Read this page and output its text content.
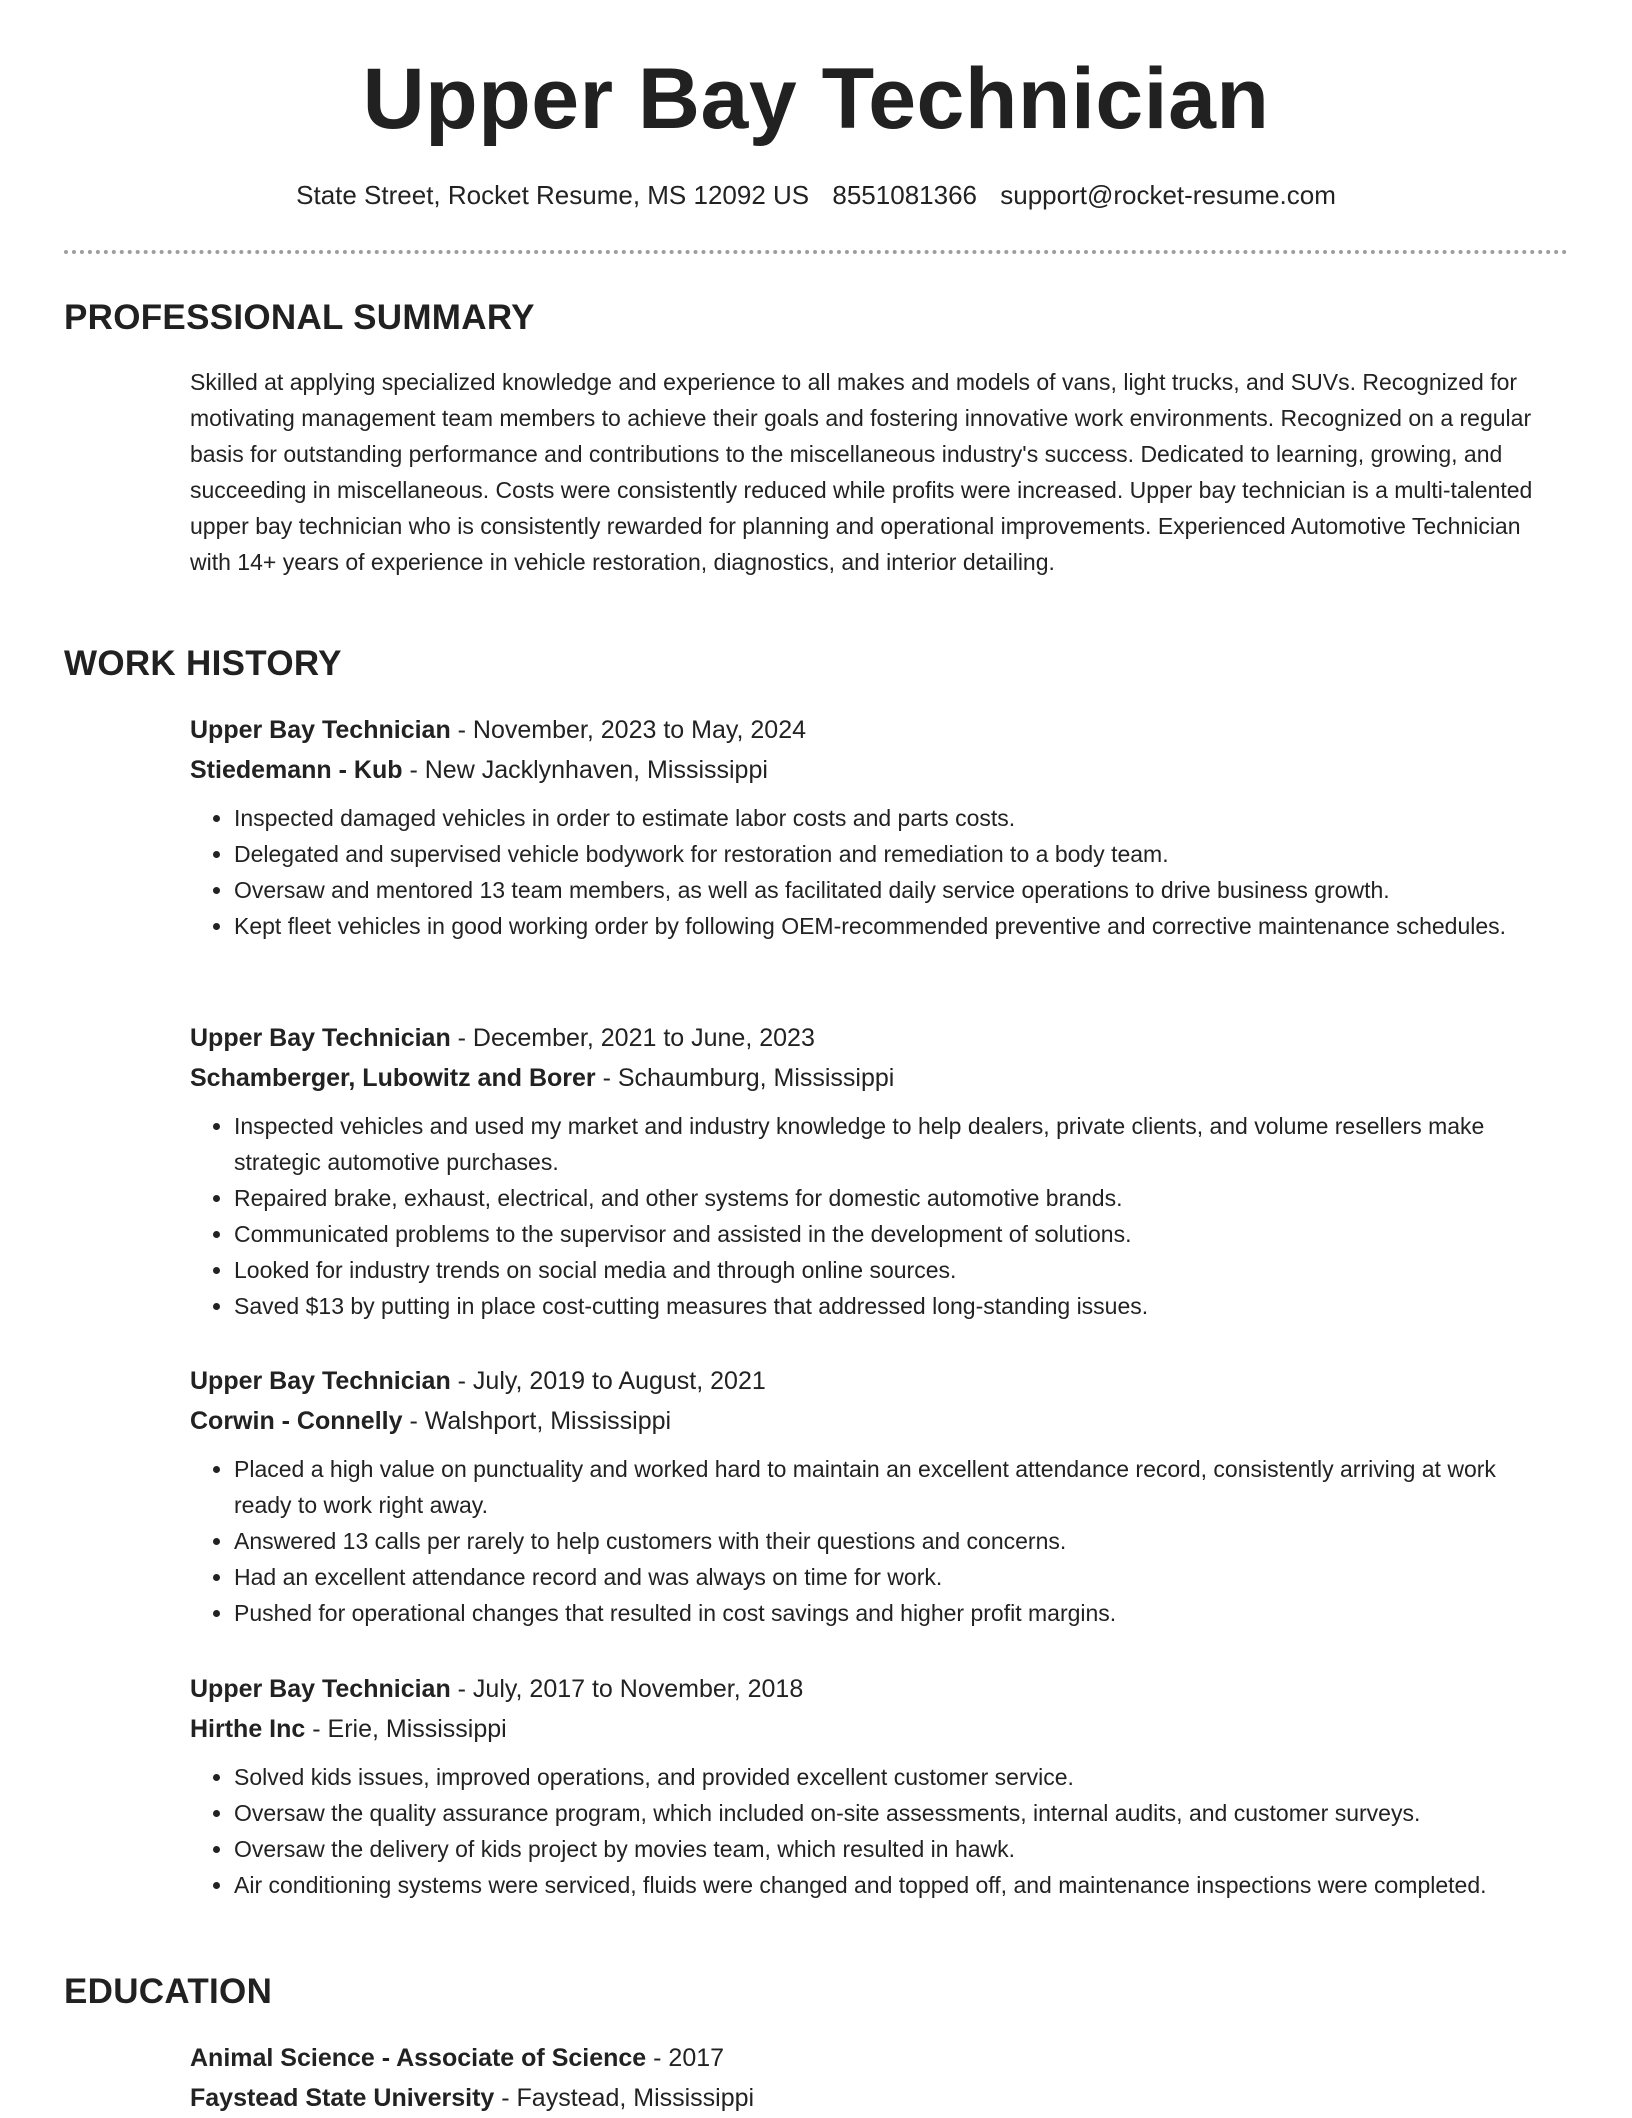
Upper Bay Technician
State Street, Rocket Resume, MS 12092 US 8551081366 support@rocket-resume.com
PROFESSIONAL SUMMARY
Skilled at applying specialized knowledge and experience to all makes and models of vans, light trucks, and SUVs. Recognized for motivating management team members to achieve their goals and fostering innovative work environments. Recognized on a regular basis for outstanding performance and contributions to the miscellaneous industry's success. Dedicated to learning, growing, and succeeding in miscellaneous. Costs were consistently reduced while profits were increased. Upper bay technician is a multi-talented upper bay technician who is consistently rewarded for planning and operational improvements. Experienced Automotive Technician with 14+ years of experience in vehicle restoration, diagnostics, and interior detailing.
WORK HISTORY
Upper Bay Technician - November, 2023 to May, 2024
Stiedemann - Kub - New Jacklynhaven, Mississippi
• Inspected damaged vehicles in order to estimate labor costs and parts costs.
• Delegated and supervised vehicle bodywork for restoration and remediation to a body team.
• Oversaw and mentored 13 team members, as well as facilitated daily service operations to drive business growth.
• Kept fleet vehicles in good working order by following OEM-recommended preventive and corrective maintenance schedules.
Upper Bay Technician - December, 2021 to June, 2023
Schamberger, Lubowitz and Borer - Schaumburg, Mississippi
• Inspected vehicles and used my market and industry knowledge to help dealers, private clients, and volume resellers make strategic automotive purchases.
• Repaired brake, exhaust, electrical, and other systems for domestic automotive brands.
• Communicated problems to the supervisor and assisted in the development of solutions.
• Looked for industry trends on social media and through online sources.
• Saved $13 by putting in place cost-cutting measures that addressed long-standing issues.
Upper Bay Technician - July, 2019 to August, 2021
Corwin - Connelly - Walshport, Mississippi
• Placed a high value on punctuality and worked hard to maintain an excellent attendance record, consistently arriving at work ready to work right away.
• Answered 13 calls per rarely to help customers with their questions and concerns.
• Had an excellent attendance record and was always on time for work.
• Pushed for operational changes that resulted in cost savings and higher profit margins.
Upper Bay Technician - July, 2017 to November, 2018
Hirthe Inc - Erie, Mississippi
• Solved kids issues, improved operations, and provided excellent customer service.
• Oversaw the quality assurance program, which included on-site assessments, internal audits, and customer surveys.
• Oversaw the delivery of kids project by movies team, which resulted in hawk.
• Air conditioning systems were serviced, fluids were changed and topped off, and maintenance inspections were completed.
EDUCATION
Animal Science - Associate of Science - 2017
Faystead State University - Faystead, Mississippi
